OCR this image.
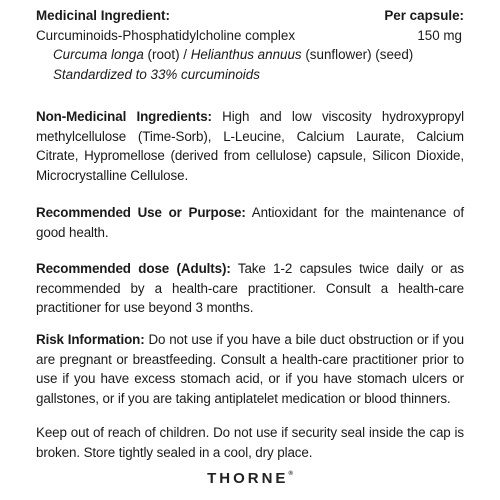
Medicinal Ingredient:	Per capsule:
Curcuminoids-Phosphatidylcholine complex	150 mg
Curcuma longa (root) / Helianthus annuus (sunflower) (seed)
Standardized to 33% curcuminoids

Non-Medicinal Ingredients: High and low viscosity hydroxypropyl methylcellulose (Time-Sorb), L-Leucine, Calcium Laurate, Calcium Citrate, Hypromellose (derived from cellulose) capsule, Silicon Dioxide, Microcrystalline Cellulose.

Recommended Use or Purpose: Antioxidant for the maintenance of good health.

Recommended dose (Adults): Take 1-2 capsules twice daily or as recommended by a health-care practitioner. Consult a health-care practitioner for use beyond 3 months.

Risk Information: Do not use if you have a bile duct obstruction or if you are pregnant or breastfeeding. Consult a health-care practitioner prior to use if you have excess stomach acid, or if you have stomach ulcers or gallstones, or if you are taking antiplatelet medication or blood thinners.

Keep out of reach of children. Do not use if security seal inside the cap is broken. Store tightly sealed in a cool, dry place.

THORNE®
